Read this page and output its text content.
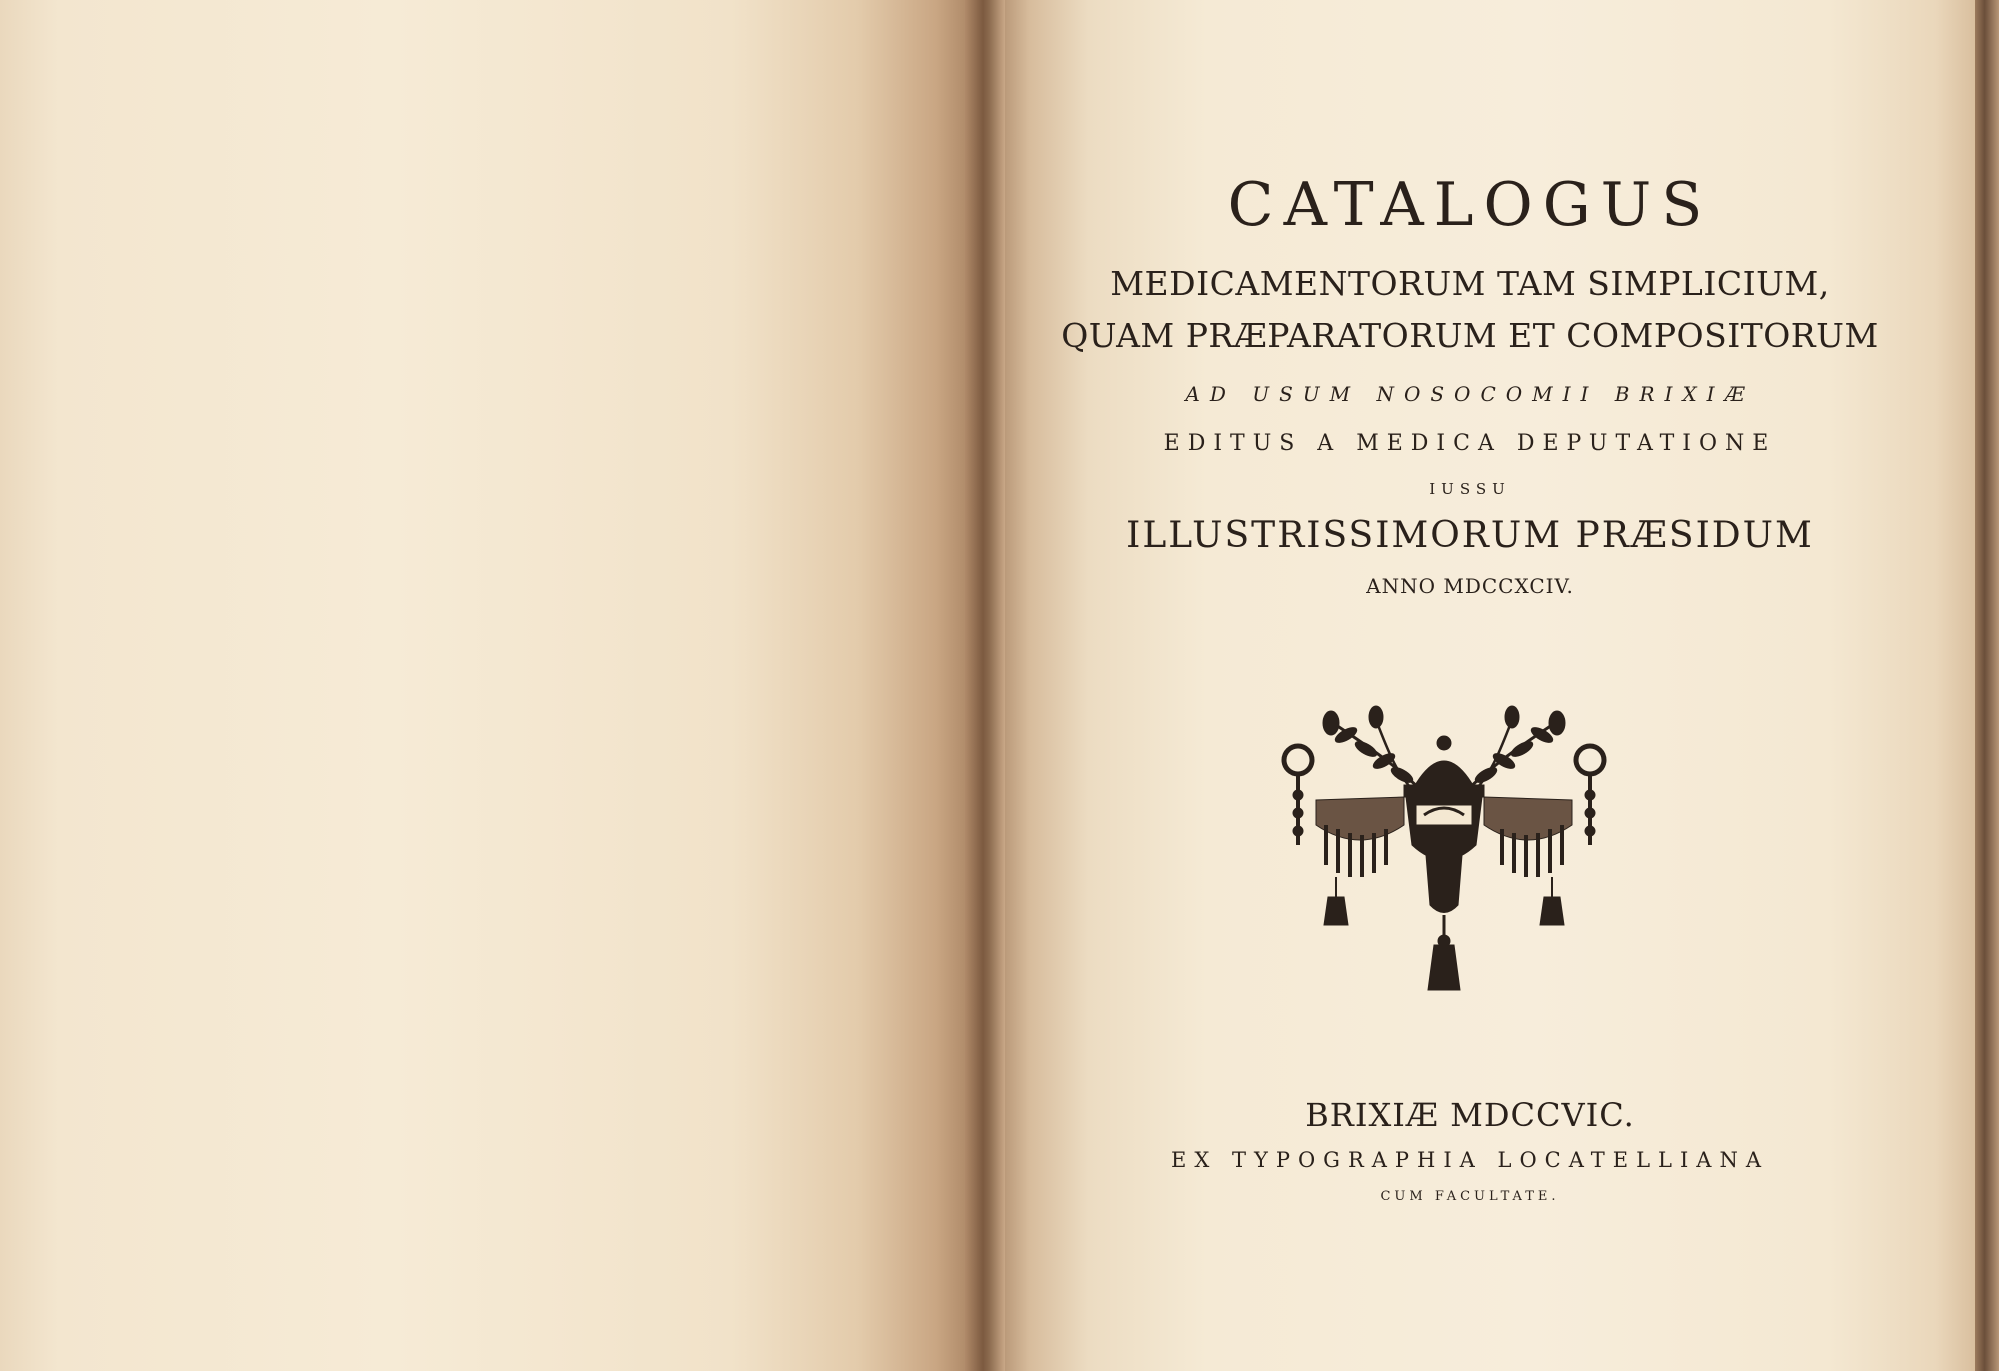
CATALOGUS
MEDICAMENTORUM TAM SIMPLICIUM,
QUAM PRÆPARATORUM ET COMPOSITORUM
AD USUM NOSOCOMII BRIXIÆ
EDITUS A MEDICA DEPUTATIONE
IUSSU
ILLUSTRISSIMORUM PRÆSIDUM
ANNO MDCCXCIV.
BRIXIÆ MDCCVIC.
EX TYPOGRAPHIA LOCATELLIANA
CUM FACULTATE.
